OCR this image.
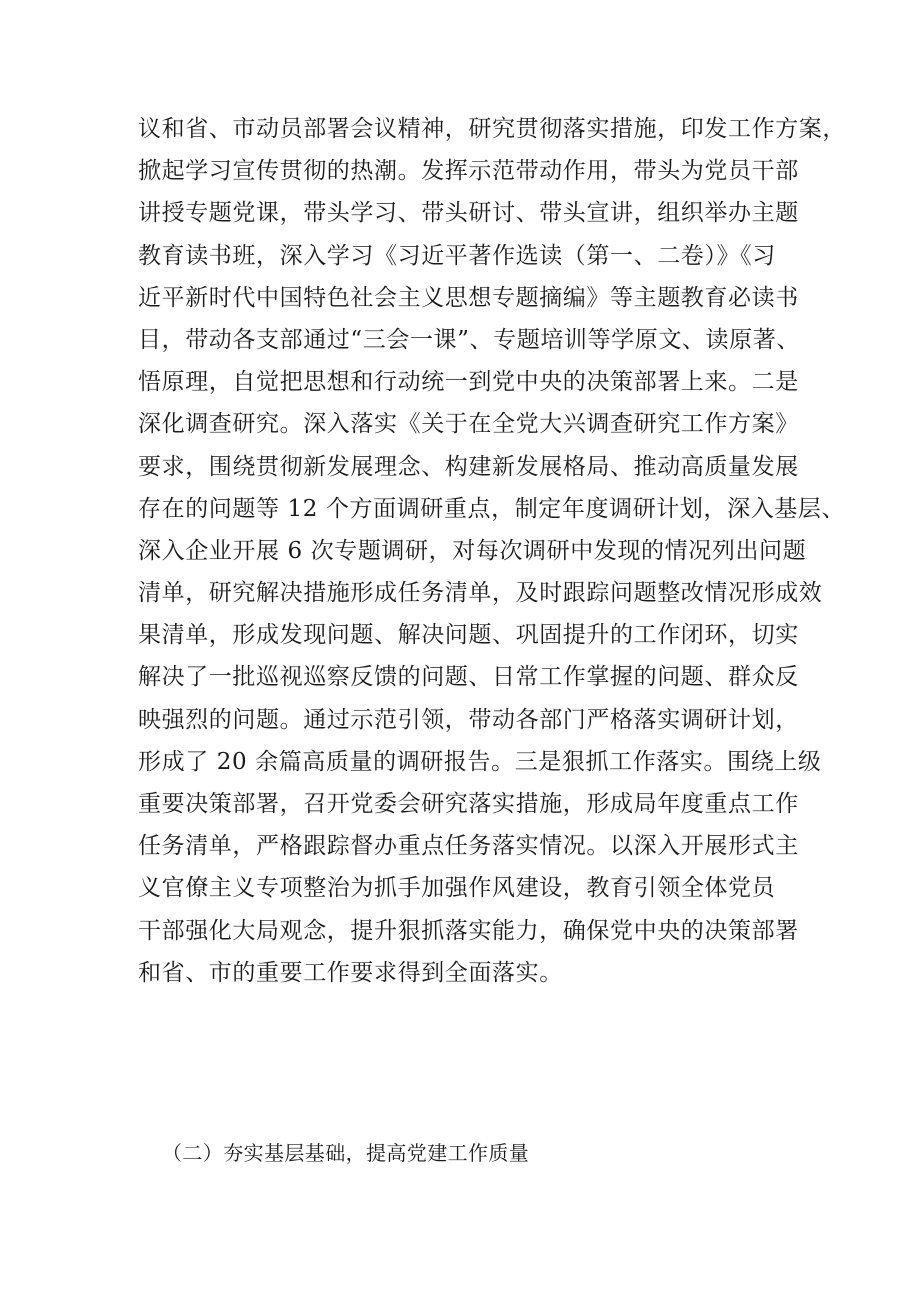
议和省、市动员部署会议精神，研究贯彻落实措施，印发工作方案，
掀起学习宣传贯彻的热潮。发挥示范带动作用，带头为党员干部
讲授专题党课，带头学习、带头研讨、带头宣讲，组织举办主题
教育读书班，深入学习《习近平著作选读（第一、二卷）》《习
近平新时代中国特色社会主义思想专题摘编》等主题教育必读书
目，带动各支部通过“三会一课”、专题培训等学原文、读原著、
悟原理，自觉把思想和行动统一到党中央的决策部署上来。二是
深化调查研究。深入落实《关于在全党大兴调查研究工作方案》
要求，围绕贯彻新发展理念、构建新发展格局、推动高质量发展
存在的问题等 12 个方面调研重点，制定年度调研计划，深入基层、
深入企业开展 6 次专题调研，对每次调研中发现的情况列出问题
清单，研究解决措施形成任务清单，及时跟踪问题整改情况形成效
果清单，形成发现问题、解决问题、巩固提升的工作闭环，切实
解决了一批巡视巡察反馈的问题、日常工作掌握的问题、群众反
映强烈的问题。通过示范引领，带动各部门严格落实调研计划，
形成了 20 余篇高质量的调研报告。三是狠抓工作落实。围绕上级
重要决策部署，召开党委会研究落实措施，形成局年度重点工作
任务清单，严格跟踪督办重点任务落实情况。以深入开展形式主
义官僚主义专项整治为抓手加强作风建设，教育引领全体党员
干部强化大局观念，提升狠抓落实能力，确保党中央的决策部署
和省、市的重要工作要求得到全面落实。

（二）夯实基层基础，提高党建工作质量
